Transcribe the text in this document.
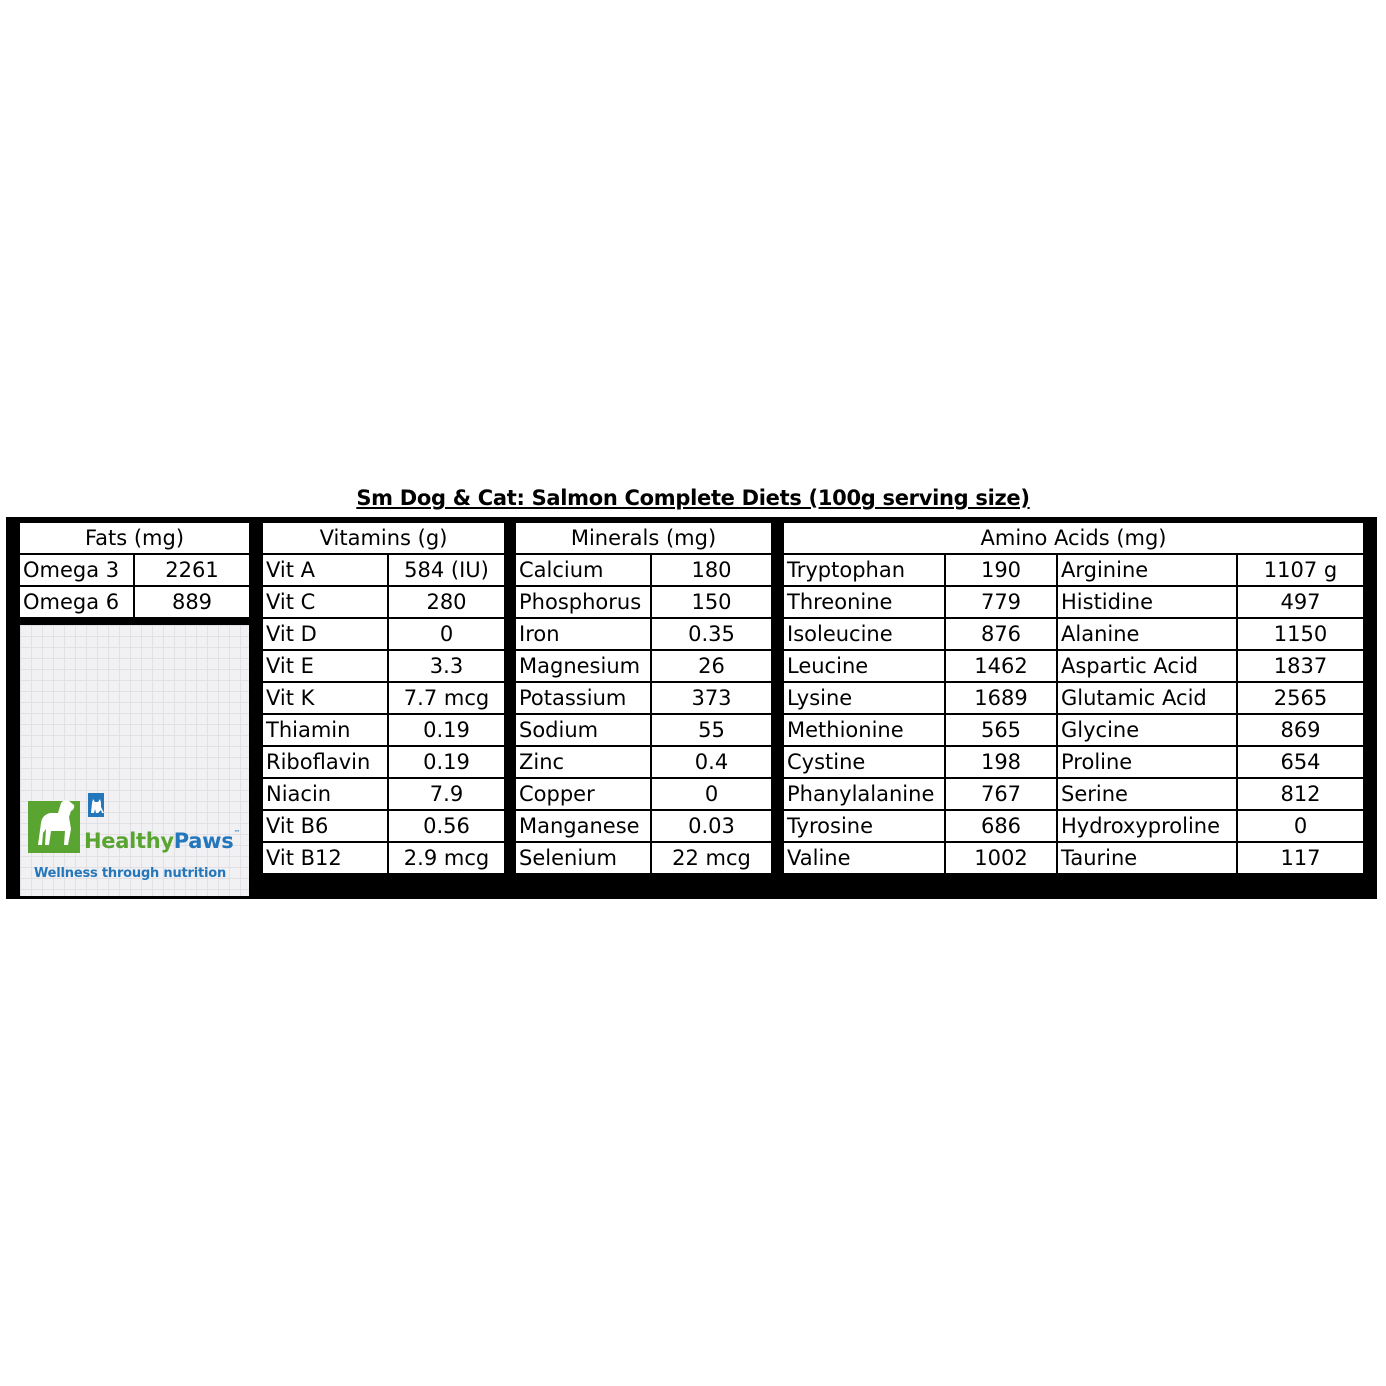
Sm Dog & Cat: Salmon Complete Diets (100g serving size)
Fats (mg)	
Omega 3	2261
Omega 6	889
HealthyPaws™
Wellness through nutrition
Vitamins (g)	
Vit A	584 (IU)
Vit C	280
Vit D	0
Vit E	3.3
Vit K	7.7 mcg
Thiamin	0.19
Riboflavin	0.19
Niacin	7.9
Vit B6	0.56
Vit B12	2.9 mcg
Minerals (mg)	
Calcium	180
Phosphorus	150
Iron	0.35
Magnesium	26
Potassium	373
Sodium	55
Zinc	0.4
Copper	0
Manganese	0.03
Selenium	22 mcg
Amino Acids (mg)			
Tryptophan	190	Arginine	1107 g
Threonine	779	Histidine	497
Isoleucine	876	Alanine	1150
Leucine	1462	Aspartic Acid	1837
Lysine	1689	Glutamic Acid	2565
Methionine	565	Glycine	869
Cystine	198	Proline	654
Phanylalanine	767	Serine	812
Tyrosine	686	Hydroxyproline	0
Valine	1002	Taurine	117
